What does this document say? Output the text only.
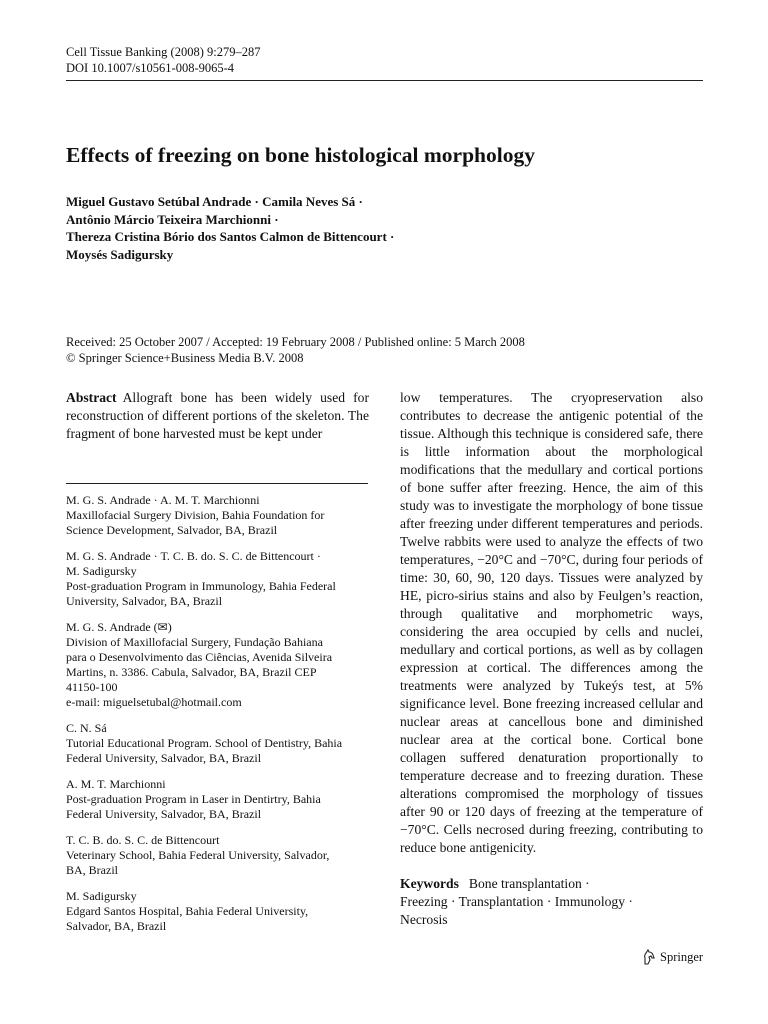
Cell Tissue Banking (2008) 9:279–287
DOI 10.1007/s10561-008-9065-4
Effects of freezing on bone histological morphology
Miguel Gustavo Setúbal Andrade · Camila Neves Sá ·
Antônio Márcio Teixeira Marchionni ·
Thereza Cristina Bório dos Santos Calmon de Bittencourt ·
Moysés Sadigursky
Received: 25 October 2007 / Accepted: 19 February 2008 / Published online: 5 March 2008
© Springer Science+Business Media B.V. 2008
Abstract Allograft bone has been widely used for reconstruction of different portions of the skeleton. The fragment of bone harvested must be kept under
M. G. S. Andrade · A. M. T. Marchionni
Maxillofacial Surgery Division, Bahia Foundation for
Science Development, Salvador, BA, Brazil
M. G. S. Andrade · T. C. B. do. S. C. de Bittencourt ·
M. Sadigursky
Post-graduation Program in Immunology, Bahia Federal
University, Salvador, BA, Brazil
M. G. S. Andrade (✉)
Division of Maxillofacial Surgery, Fundação Bahiana
para o Desenvolvimento das Ciências, Avenida Silveira
Martins, n. 3386. Cabula, Salvador, BA, Brazil CEP
41150-100
e-mail: miguelsetubal@hotmail.com
C. N. Sá
Tutorial Educational Program. School of Dentistry, Bahia
Federal University, Salvador, BA, Brazil
A. M. T. Marchionni
Post-graduation Program in Laser in Dentirtry, Bahia
Federal University, Salvador, BA, Brazil
T. C. B. do. S. C. de Bittencourt
Veterinary School, Bahia Federal University, Salvador,
BA, Brazil
M. Sadigursky
Edgard Santos Hospital, Bahia Federal University,
Salvador, BA, Brazil
low temperatures. The cryopreservation also contributes to decrease the antigenic potential of the tissue. Although this technique is considered safe, there is little information about the morphological modifications that the medullary and cortical portions of bone suffer after freezing. Hence, the aim of this study was to investigate the morphology of bone tissue after freezing under different temperatures and periods. Twelve rabbits were used to analyze the effects of two temperatures, −20°C and −70°C, during four periods of time: 30, 60, 90, 120 days. Tissues were analyzed by HE, picro-sirius stains and also by Feulgen’s reaction, through qualitative and morphometric ways, considering the area occupied by cells and nuclei, medullary and cortical portions, as well as by collagen expression at cortical. The differences among the treatments were analyzed by Tukeýs test, at 5% significance level. Bone freezing increased cellular and nuclear areas at cancellous bone and diminished nuclear area at the cortical bone. Cortical bone collagen suffered denaturation proportionally to temperature decrease and to freezing duration. These alterations compromised the morphology of tissues after 90 or 120 days of freezing at the temperature of −70°C. Cells necrosed during freezing, contributing to reduce bone antigenicity.
Keywords Bone transplantation ·
Freezing · Transplantation · Immunology ·
Necrosis
Springer
